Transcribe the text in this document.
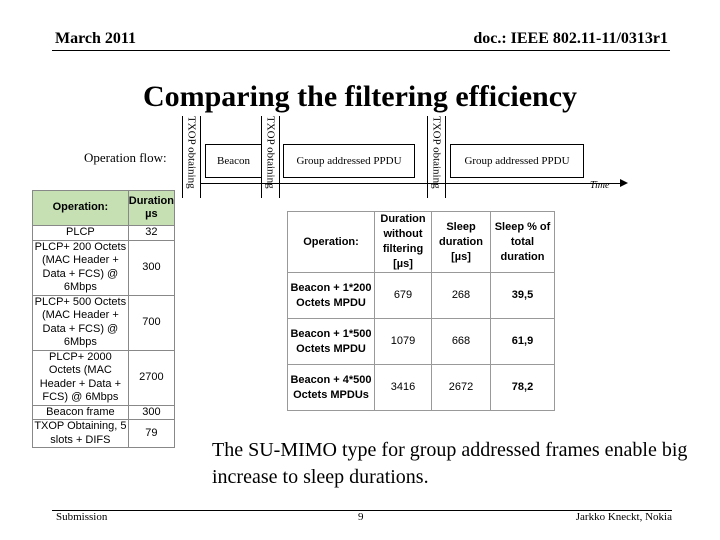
March 2011	doc.: IEEE 802.11-11/0313r1
Comparing the filtering efficiency
Operation flow: TXOP obtaining Beacon TXOP obtaining Group addressed PPDU	TXOP obtaining Group addressed PPDU
Time
Operation:	Duration µs
PLCP	32
PLCP+ 200 Octets (MAC Header + Data + FCS) @ 6Mbps	300
PLCP+ 500 Octets (MAC Header + Data + FCS) @ 6Mbps	700
PLCP+ 2000 Octets (MAC Header + Data + FCS) @ 6Mbps	2700
Beacon frame	300
TXOP Obtaining, 5 slots + DIFS	79
Operation:	Duration without filtering [µs]	Sleep duration [µs]	Sleep % of total duration
Beacon + 1*200 Octets MPDU	679	268	39,5
Beacon + 1*500 Octets MPDU	1079	668	61,9
Beacon + 4*500 Octets MPDUs	3416	2672	78,2
The SU-MIMO type for group addressed frames enable big increase to sleep durations.
Submission	9	Jarkko Kneckt, Nokia
